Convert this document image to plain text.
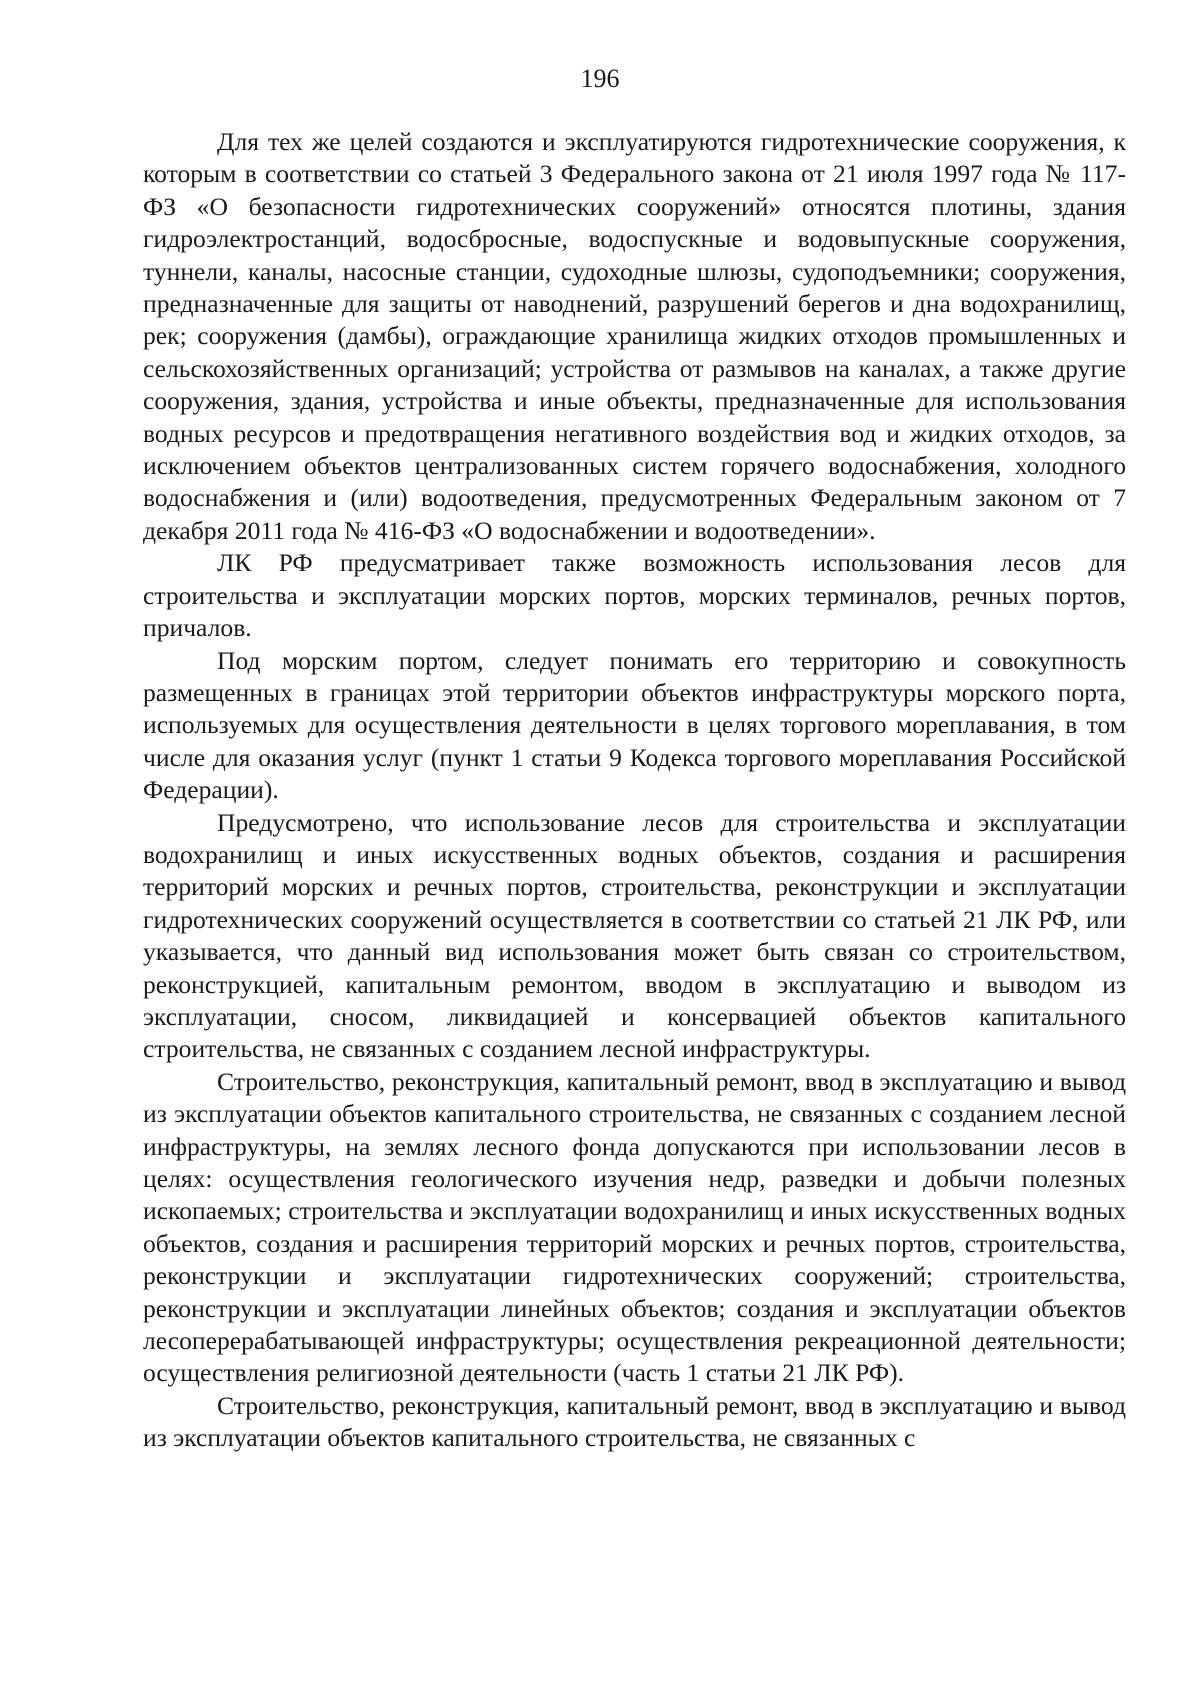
196

Для тех же целей создаются и эксплуатируются гидротехнические сооружения, к которым в соответствии со статьей 3 Федерального закона от 21 июля 1997 года № 117-ФЗ «О безопасности гидротехнических сооружений» относятся плотины, здания гидроэлектростанций, водосбросные, водоспускные и водовыпускные сооружения, туннели, каналы, насосные станции, судоходные шлюзы, судоподъемники; сооружения, предназначенные для защиты от наводнений, разрушений берегов и дна водохранилищ, рек; сооружения (дамбы), ограждающие хранилища жидких отходов промышленных и сельскохозяйственных организаций; устройства от размывов на каналах, а также другие сооружения, здания, устройства и иные объекты, предназначенные для использования водных ресурсов и предотвращения негативного воздействия вод и жидких отходов, за исключением объектов централизованных систем горячего водоснабжения, холодного водоснабжения и (или) водоотведения, предусмотренных Федеральным законом от 7 декабря 2011 года № 416-ФЗ «О водоснабжении и водоотведении».

ЛК РФ предусматривает также возможность использования лесов для строительства и эксплуатации морских портов, морских терминалов, речных портов, причалов.

Под морским портом, следует понимать его территорию и совокупность размещенных в границах этой территории объектов инфраструктуры морского порта, используемых для осуществления деятельности в целях торгового мореплавания, в том числе для оказания услуг (пункт 1 статьи 9 Кодекса торгового мореплавания Российской Федерации).

Предусмотрено, что использование лесов для строительства и эксплуатации водохранилищ и иных искусственных водных объектов, создания и расширения территорий морских и речных портов, строительства, реконструкции и эксплуатации гидротехнических сооружений осуществляется в соответствии со статьей 21 ЛК РФ, или указывается, что данный вид использования может быть связан со строительством, реконструкцией, капитальным ремонтом, вводом в эксплуатацию и выводом из эксплуатации, сносом, ликвидацией и консервацией объектов капитального строительства, не связанных с созданием лесной инфраструктуры.

Строительство, реконструкция, капитальный ремонт, ввод в эксплуатацию и вывод из эксплуатации объектов капитального строительства, не связанных с созданием лесной инфраструктуры, на землях лесного фонда допускаются при использовании лесов в целях: осуществления геологического изучения недр, разведки и добычи полезных ископаемых; строительства и эксплуатации водохранилищ и иных искусственных водных объектов, создания и расширения территорий морских и речных портов, строительства, реконструкции и эксплуатации гидротехнических сооружений; строительства, реконструкции и эксплуатации линейных объектов; создания и эксплуатации объектов лесоперерабатывающей инфраструктуры; осуществления рекреационной деятельности; осуществления религиозной деятельности (часть 1 статьи 21 ЛК РФ).

Строительство, реконструкция, капитальный ремонт, ввод в эксплуатацию и вывод из эксплуатации объектов капитального строительства, не связанных с
